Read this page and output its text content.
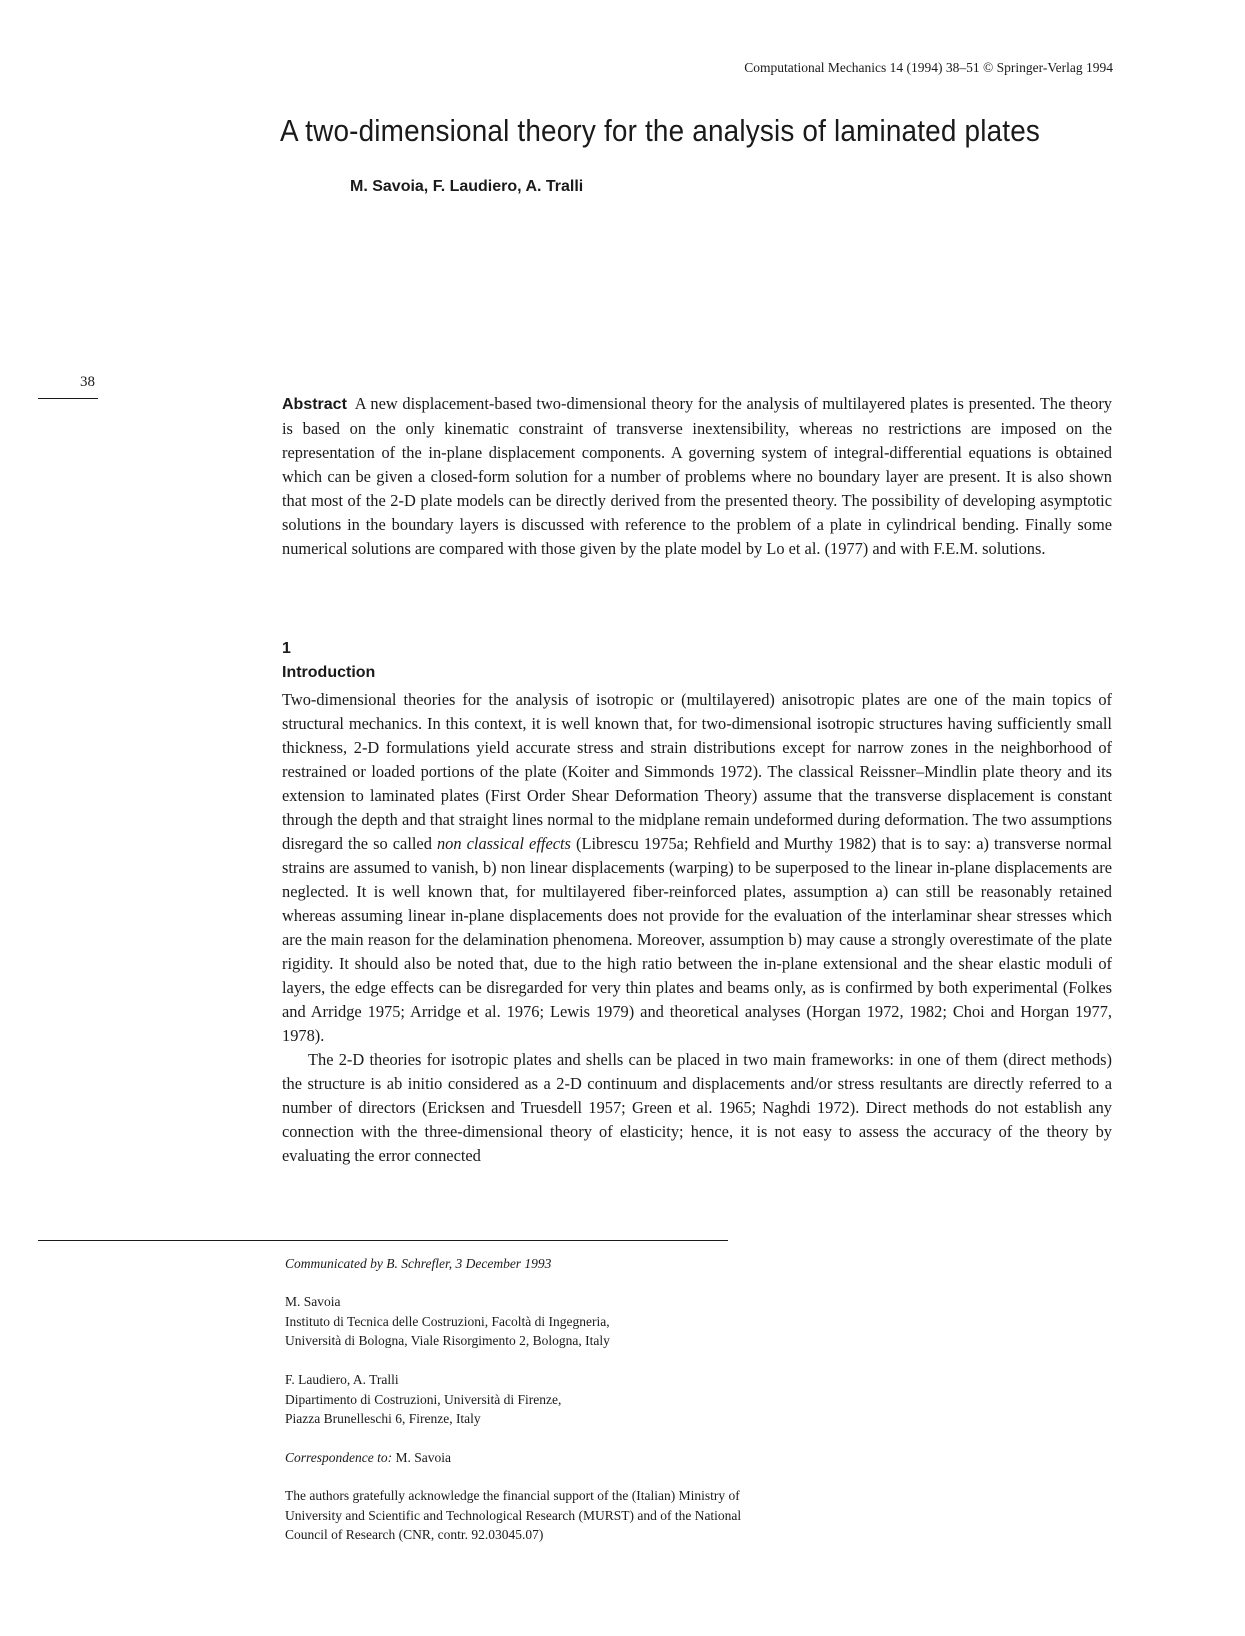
Computational Mechanics 14 (1994) 38–51 © Springer-Verlag 1994
A two-dimensional theory for the analysis of laminated plates
M. Savoia, F. Laudiero, A. Tralli
38

Abstract A new displacement-based two-dimensional theory for the analysis of multilayered plates is presented. The theory is based on the only kinematic constraint of transverse inextensibility, whereas no restrictions are imposed on the representation of the in-plane displacement components. A governing system of integral-differential equations is obtained which can be given a closed-form solution for a number of problems where no boundary layer are present. It is also shown that most of the 2-D plate models can be directly derived from the presented theory. The possibility of developing asymptotic solutions in the boundary layers is discussed with reference to the problem of a plate in cylindrical bending. Finally some numerical solutions are compared with those given by the plate model by Lo et al. (1977) and with F.E.M. solutions.

1
Introduction

Two-dimensional theories for the analysis of isotropic or (multilayered) anisotropic plates are one of the main topics of structural mechanics. In this context, it is well known that, for two-dimensional isotropic structures having sufficiently small thickness, 2-D formulations yield accurate stress and strain distributions except for narrow zones in the neighborhood of restrained or loaded portions of the plate (Koiter and Simmonds 1972). The classical Reissner–Mindlin plate theory and its extension to laminated plates (First Order Shear Deformation Theory) assume that the transverse displacement is constant through the depth and that straight lines normal to the midplane remain undeformed during deformation. The two assumptions disregard the so called non classical effects (Librescu 1975a; Rehfield and Murthy 1982) that is to say: a) transverse normal strains are assumed to vanish, b) non linear displacements (warping) to be superposed to the linear in-plane displacements are neglected. It is well known that, for multilayered fiber-reinforced plates, assumption a) can still be reasonably retained whereas assuming linear in-plane displacements does not provide for the evaluation of the interlaminar shear stresses which are the main reason for the delamination phenomena. Moreover, assumption b) may cause a strongly overestimate of the plate rigidity. It should also be noted that, due to the high ratio between the in-plane extensional and the shear elastic moduli of layers, the edge effects can be disregarded for very thin plates and beams only, as is confirmed by both experimental (Folkes and Arridge 1975; Arridge et al. 1976; Lewis 1979) and theoretical analyses (Horgan 1972, 1982; Choi and Horgan 1977, 1978).

The 2-D theories for isotropic plates and shells can be placed in two main frameworks: in one of them (direct methods) the structure is ab initio considered as a 2-D continuum and displacements and/or stress resultants are directly referred to a number of directors (Ericksen and Truesdell 1957; Green et al. 1965; Naghdi 1972). Direct methods do not establish any connection with the three-dimensional theory of elasticity; hence, it is not easy to assess the accuracy of the theory by evaluating the error connected

Communicated by B. Schrefler, 3 December 1993

M. Savoia

Instituto di Tecnica delle Costruzioni, Facoltà di Ingegneria,

Università di Bologna, Viale Risorgimento 2, Bologna, Italy

F. Laudiero, A. Tralli

Dipartimento di Costruzioni, Università di Firenze,

Piazza Brunelleschi 6, Firenze, Italy

Correspondence to: M. Savoia

The authors gratefully acknowledge the financial support of the (Italian) Ministry of University and Scientific and Technological Research (MURST) and of the National Council of Research (CNR, contr. 92.03045.07)
